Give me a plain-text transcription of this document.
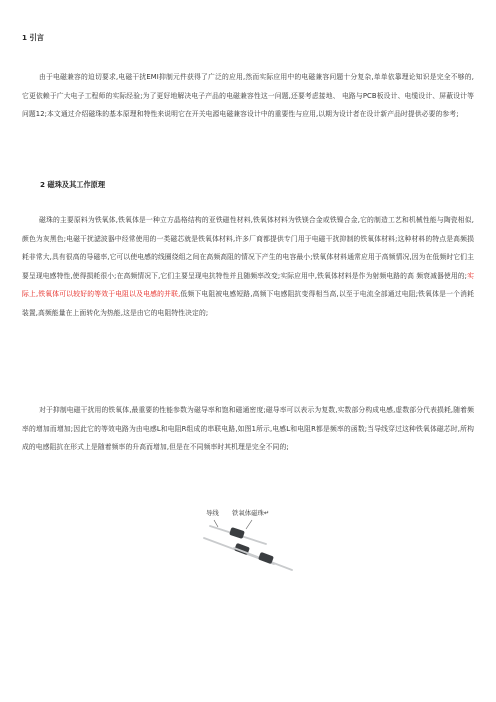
1 引言
由于电磁兼容的迫切要求,电磁干扰EMI抑制元件获得了广泛的应用,然而实际应用中的电磁兼容问题十分复杂,单单依靠理论知识是完全不够的,它更依赖于广大电子工程师的实际经验;为了更好地解决电子产品的电磁兼容性这一问题,还要考虑接地、 电路与PCB板设计、电缆设计、屏蔽设计等问题12;本文通过介绍磁珠的基本原理和特性来说明它在开关电源电磁兼容设计中的重要性与应用,以期为设计者在设计新产品时提供必要的参考;
2 磁珠及其工作原理
磁珠的主要原料为铁氧体,铁氧体是一种立方晶格结构的亚铁磁性材料,铁氧体材料为铁镁合金或铁镍合金,它的制造工艺和机械性能与陶瓷相似,颜色为灰黑色;电磁干扰滤波器中经常使用的一类磁芯就是铁氧体材料,许多厂商都提供专门用于电磁干扰抑制的铁氧体材料;这种材料的特点是高频损耗非常大,具有很高的导磁率,它可以使电感的线圈绕组之间在高频高阻的情况下产生的电容最小;铁氧体材料通常应用于高频情况,因为在低频时它们主要呈现电感特性,使得损耗很小;在高频情况下,它们主要呈现电抗特性并且随频率改变;实际应用中,铁氧体材料是作为射频电路的高 频衰减器使用的;实际上,铁氧体可以较好的等效于电阻以及电感的并联,低频下电阻被电感短路,高频下电感阻抗变得相当高,以至于电流全部通过电阻;铁氧体是一个消耗装置,高频能量在上面转化为热能,这是由它的电阻特性决定的;
对于抑制电磁干扰用的铁氧体,最重要的性能参数为磁导率和饱和磁通密度;磁导率可以表示为复数,实数部分构成电感,虚数部分代表损耗,随着频率的增加而增加;因此它的等效电路为由电感L和电阻R组成的串联电路,如图1所示,电感L和电阻R都是频率的函数;当导线穿过这种铁氧体磁芯时,所构成的电感阻抗在形式上是随着频率的升高而增加,但是在不同频率时其机理是完全不同的;
导线 铁氧体磁珠↵
